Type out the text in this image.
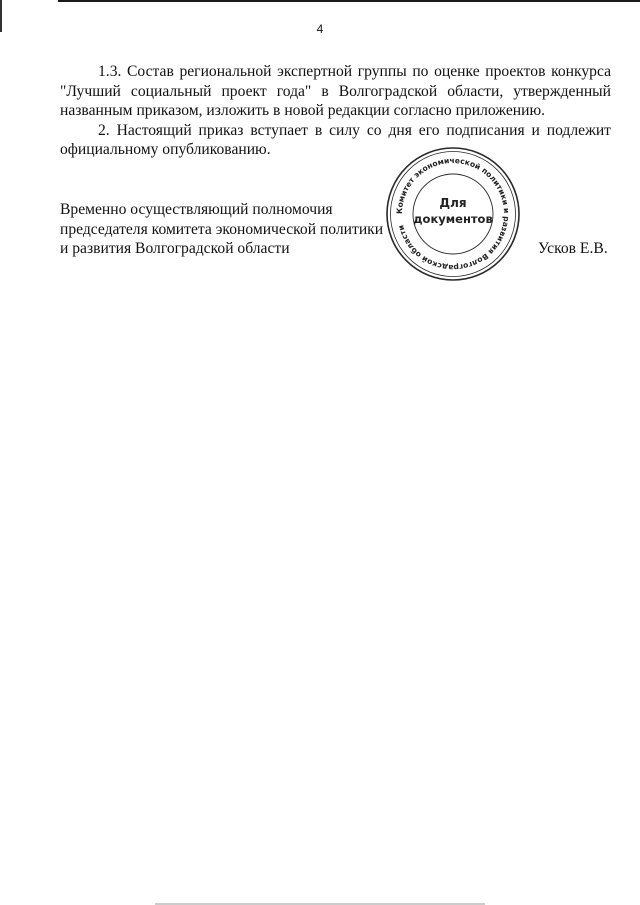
4

1.3. Состав региональной экспертной группы по оценке проектов конкурса "Лучший социальный проект года" в Волгоградской области, утвержденный названным приказом, изложить в новой редакции согласно приложению.

2. Настоящий приказ вступает в силу со дня его подписания и подлежит официальному опубликованию.

Временно осуществляющий полномочия
председателя комитета экономической политики
и развития Волгоградской области	Усков Е.В.
Комитет экономической политики и развития Волгоградской области
Для
документов
